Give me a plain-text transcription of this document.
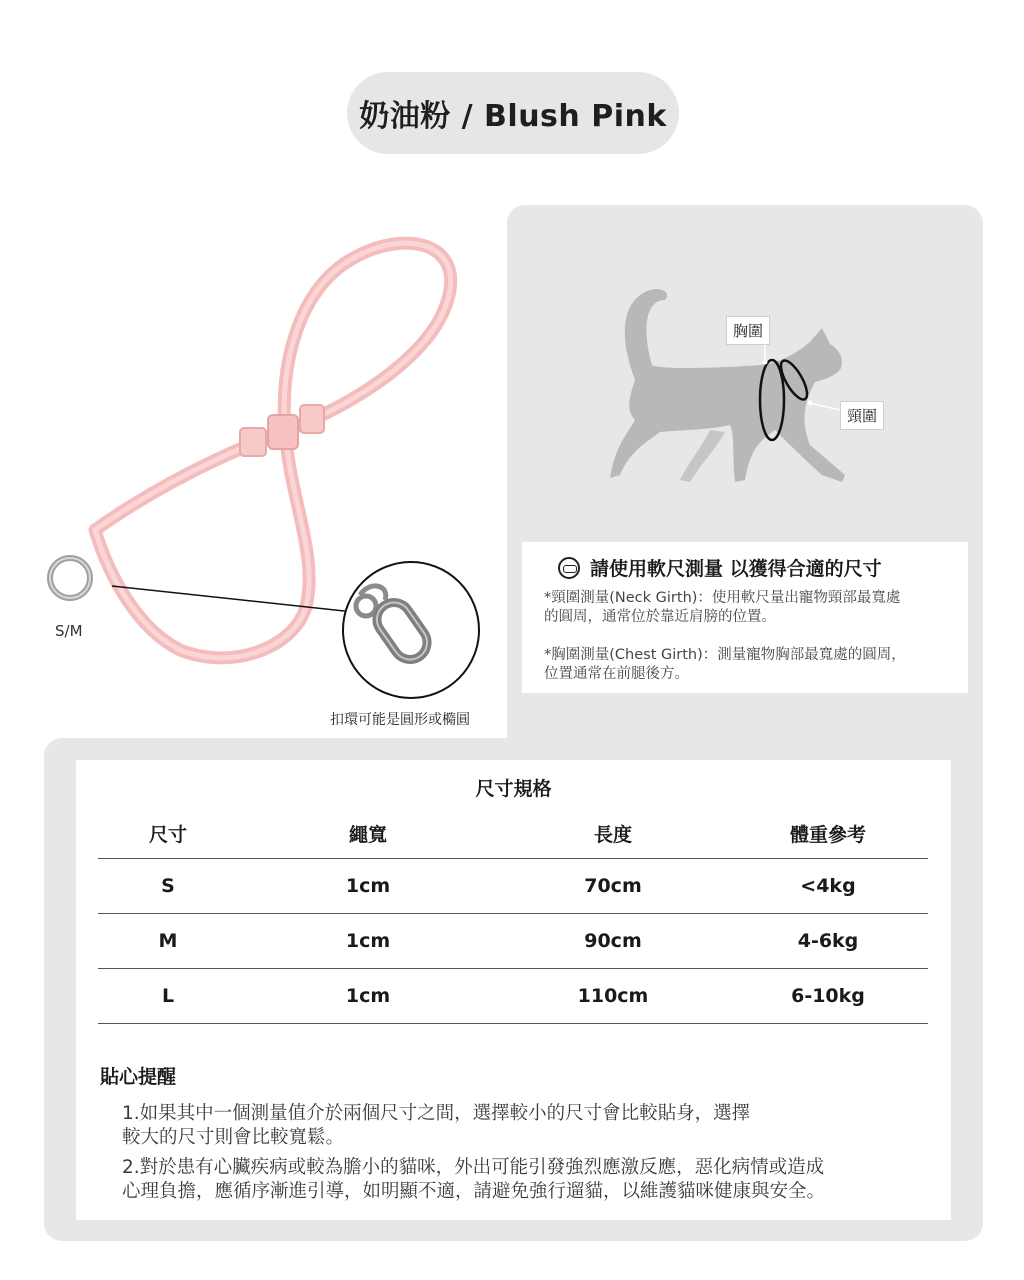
奶油粉 / Blush Pink
S/M
扣環可能是圓形或橢圓
胸圍
頸圍
請使用軟尺測量 以獲得合適的尺寸
*頸圍測量(Neck Girth)：使用軟尺量出寵物頸部最寬處
的圓周，通常位於靠近肩膀的位置。
*胸圍測量(Chest Girth)：測量寵物胸部最寬處的圓周，
位置通常在前腿後方。
尺寸規格
尺寸	繩寬	長度	體重參考
S	1cm	70cm	<4kg
M	1cm	90cm	4-6kg
L	1cm	110cm	6-10kg
貼心提醒
1.如果其中一個測量值介於兩個尺寸之間，選擇較小的尺寸會比較貼身，選擇
較大的尺寸則會比較寬鬆。
2.對於患有心臟疾病或較為膽小的貓咪，外出可能引發強烈應激反應，惡化病情或造成
心理負擔，應循序漸進引導，如明顯不適，請避免強行遛貓，以維護貓咪健康與安全。
